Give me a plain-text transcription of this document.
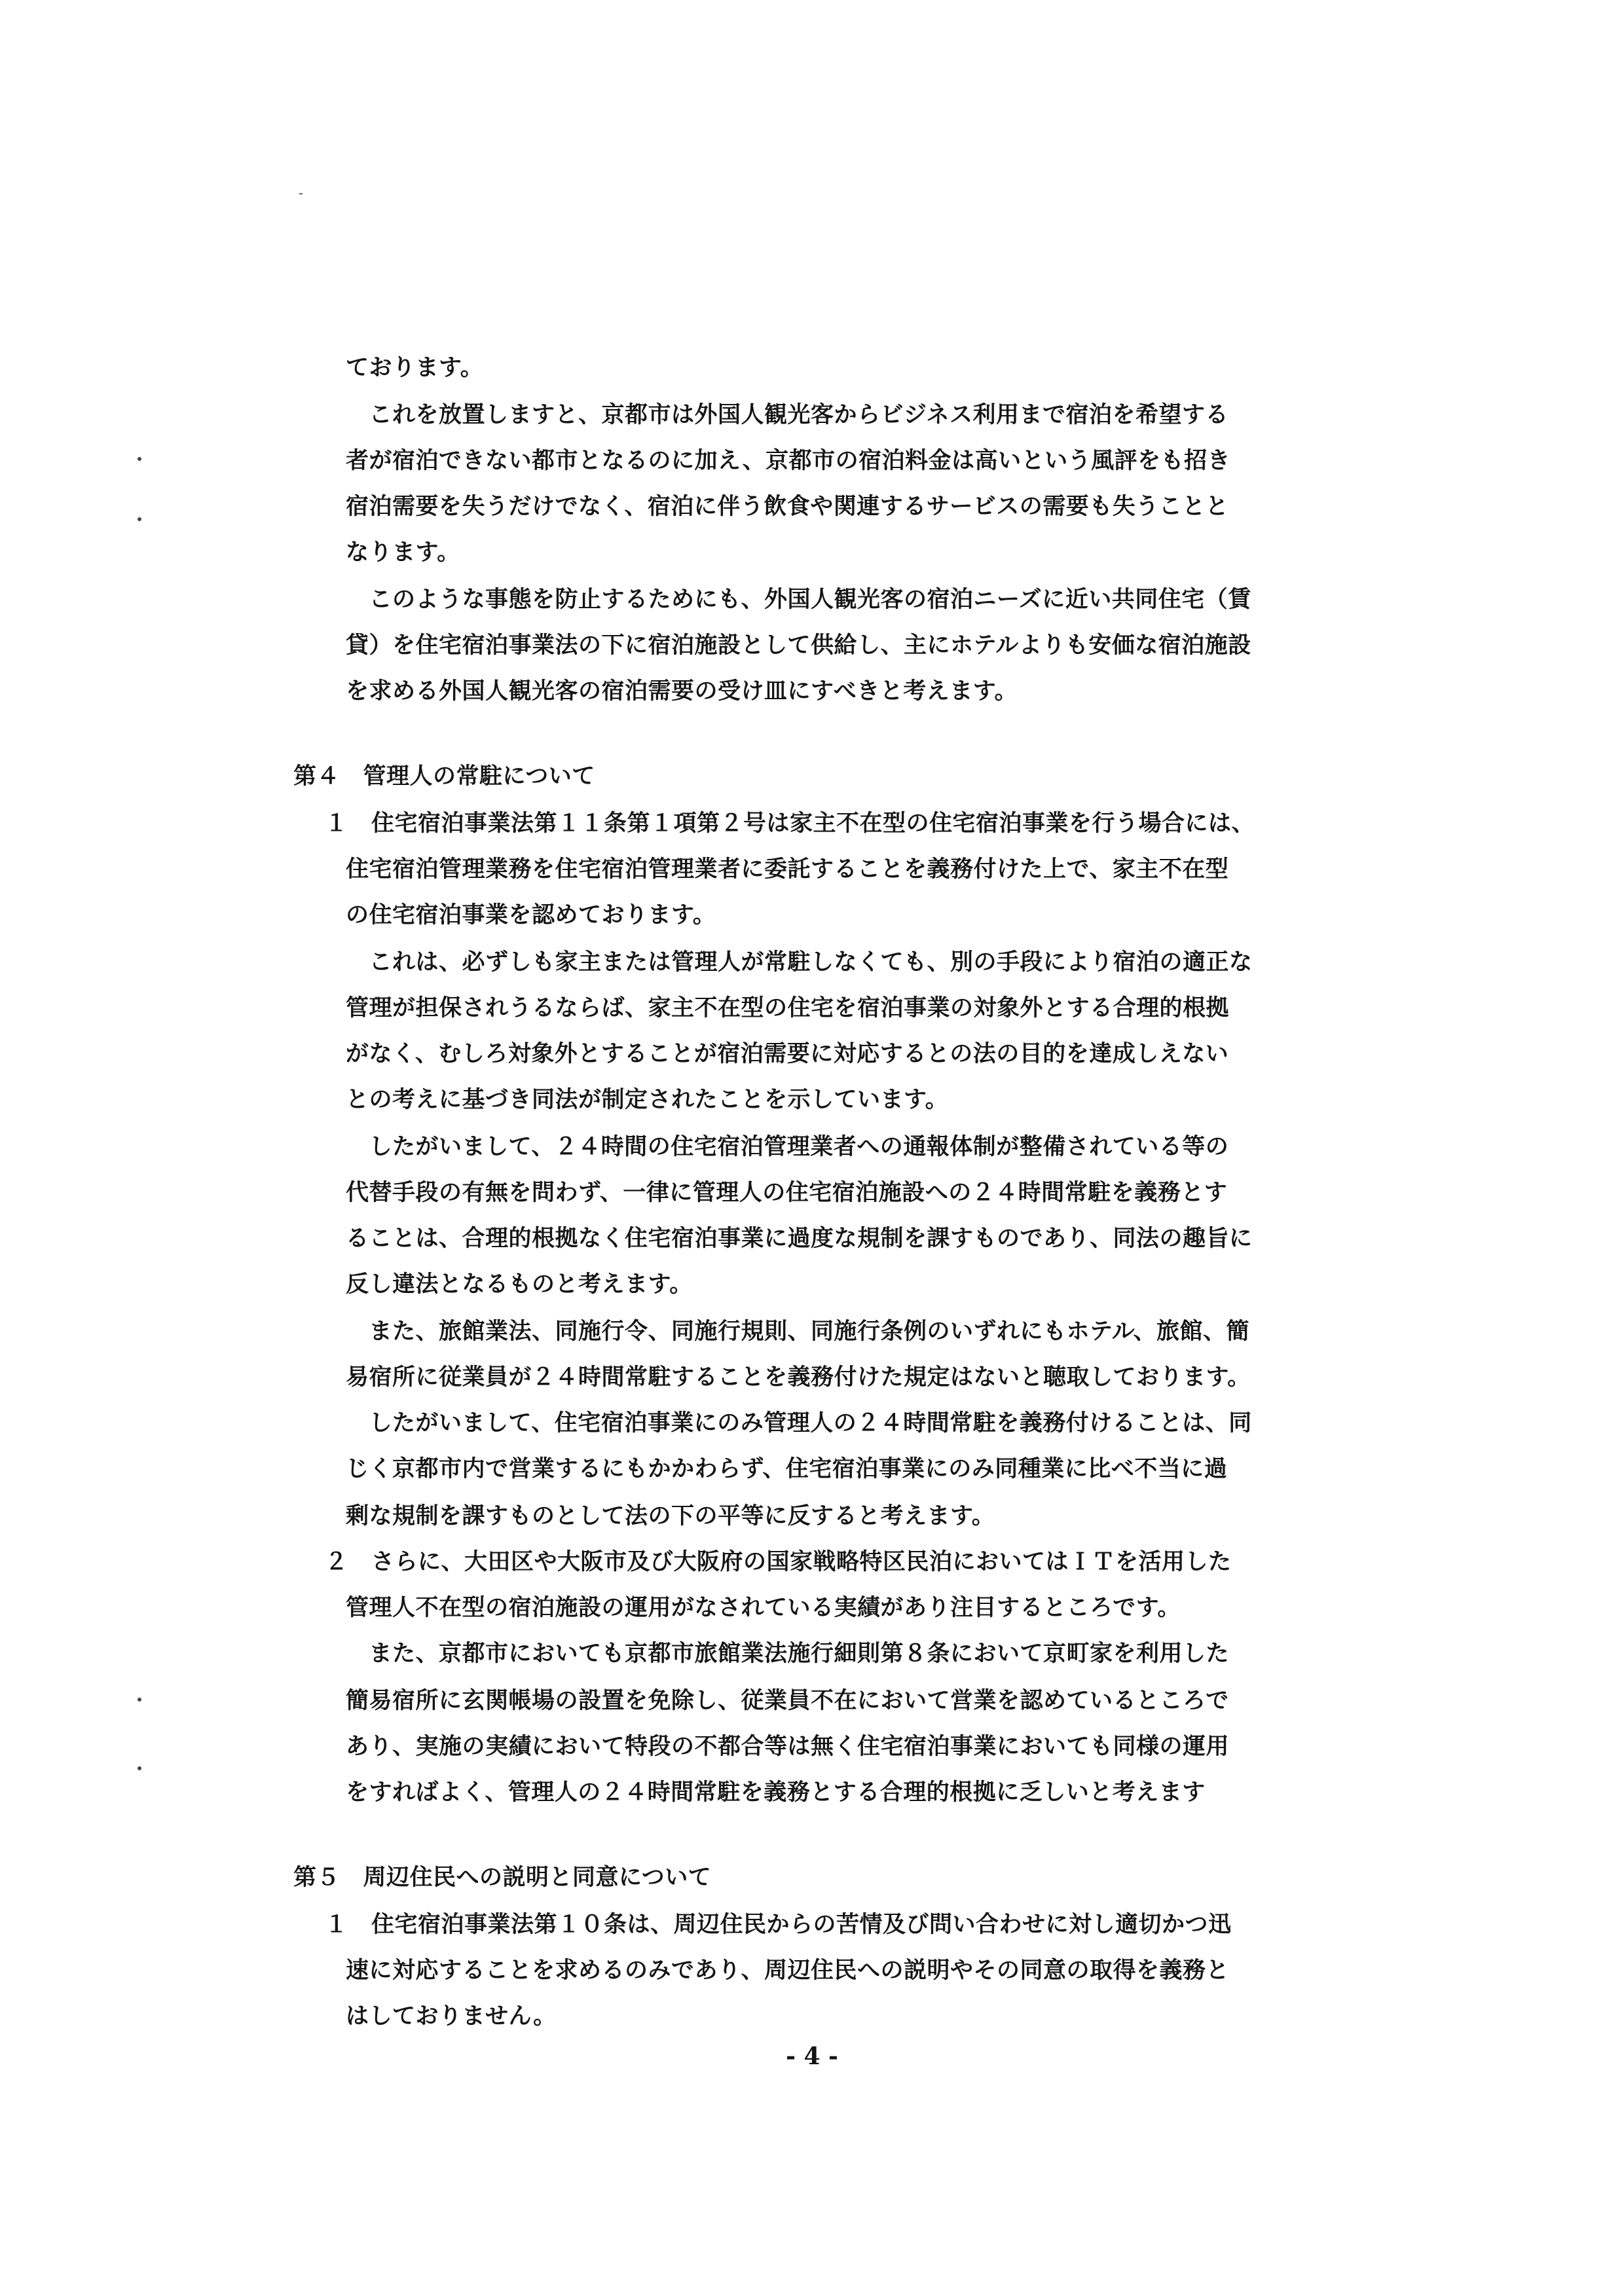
ております。
　これを放置しますと、京都市は外国人観光客からビジネス利用まで宿泊を希望する
者が宿泊できない都市となるのに加え、京都市の宿泊料金は高いという風評をも招き
宿泊需要を失うだけでなく、宿泊に伴う飲食や関連するサービスの需要も失うことと
なります。
　このような事態を防止するためにも、外国人観光客の宿泊ニーズに近い共同住宅（賃
貸）を住宅宿泊事業法の下に宿泊施設として供給し、主にホテルよりも安価な宿泊施設
を求める外国人観光客の宿泊需要の受け皿にすべきと考えます。
第４　管理人の常駐について
１　住宅宿泊事業法第１１条第１項第２号は家主不在型の住宅宿泊事業を行う場合には、
住宅宿泊管理業務を住宅宿泊管理業者に委託することを義務付けた上で、家主不在型
の住宅宿泊事業を認めております。
　これは、必ずしも家主または管理人が常駐しなくても、別の手段により宿泊の適正な
管理が担保されうるならば、家主不在型の住宅を宿泊事業の対象外とする合理的根拠
がなく、むしろ対象外とすることが宿泊需要に対応するとの法の目的を達成しえない
との考えに基づき同法が制定されたことを示しています。
　したがいまして、２４時間の住宅宿泊管理業者への通報体制が整備されている等の
代替手段の有無を問わず、一律に管理人の住宅宿泊施設への２４時間常駐を義務とす
ることは、合理的根拠なく住宅宿泊事業に過度な規制を課すものであり、同法の趣旨に
反し違法となるものと考えます。
　また、旅館業法、同施行令、同施行規則、同施行条例のいずれにもホテル、旅館、簡
易宿所に従業員が２４時間常駐することを義務付けた規定はないと聴取しております。
　したがいまして、住宅宿泊事業にのみ管理人の２４時間常駐を義務付けることは、同
じく京都市内で営業するにもかかわらず、住宅宿泊事業にのみ同種業に比べ不当に過
剰な規制を課すものとして法の下の平等に反すると考えます。
２　さらに、大田区や大阪市及び大阪府の国家戦略特区民泊においてはＩＴを活用した
管理人不在型の宿泊施設の運用がなされている実績があり注目するところです。
　また、京都市においても京都市旅館業法施行細則第８条において京町家を利用した
簡易宿所に玄関帳場の設置を免除し、従業員不在において営業を認めているところで
あり、実施の実績において特段の不都合等は無く住宅宿泊事業においても同様の運用
をすればよく、管理人の２４時間常駐を義務とする合理的根拠に乏しいと考えます
第５　周辺住民への説明と同意について
１　住宅宿泊事業法第１０条は、周辺住民からの苦情及び問い合わせに対し適切かつ迅
速に対応することを求めるのみであり、周辺住民への説明やその同意の取得を義務と
はしておりません。
- 4 -
